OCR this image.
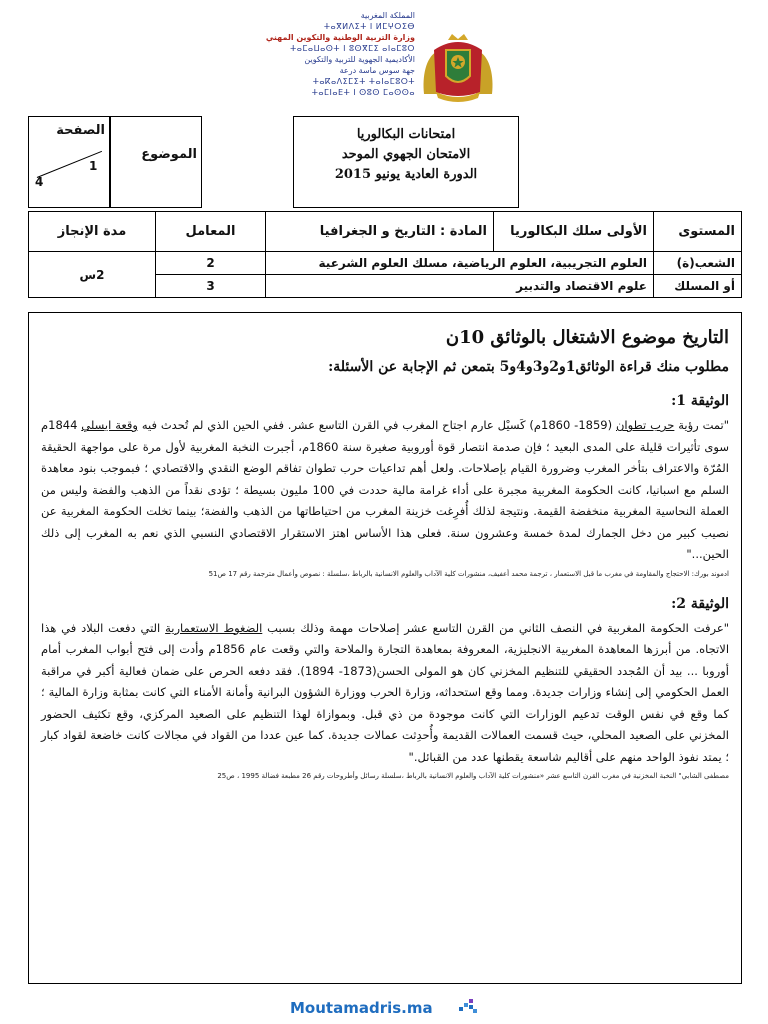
المملكة المغربية
ⵜⴰⴳⵍⴷⵉⵜ ⵏ ⵍⵎⵖⵔⵉⴱ
وزارة التربية الوطنية والتكوين المهني
ⵜⴰⵎⴰⵡⴰⵙⵜ ⵏ ⵓⵙⴳⵎⵉ ⴰⵏⴰⵎⵓⵔ
الأكاديمية الجهوية للتربية والتكوين
جهة سوس ماسة درعة
ⵜⴰⴽⴰⴷⵉⵎⵉⵜ ⵜⴰⵏⴰⵎⵓⵔⵜ
ⵜⴰⵎⵏⴰⴹⵜ ⵏ ⵙⵓⵙ ⵎⴰⵙⵙⴰ
الموضوع
الصفحة
1
4
امتحانات البكالوريا
الامتحان الجهوي الموحد
الدورة العادية يونيو 2015
المستوى	الأولى سلك البكالوريا	المادة : التاريخ و الجغرافيا	المعامل	مدة الإنجاز
الشعب(ة)	العلوم التجريبية، العلوم الرياضية، مسلك العلوم الشرعية		2	2س
أو المسلك	علوم الاقتصاد والتدبير		3	
التاريخ موضوع الاشتغال بالوثائق 10ن
مطلوب منك قراءة الوثائق1و2و3و4و5 بتمعن ثم الإجابة عن الأسئلة:
الوثيقة 1:

"تمت رؤية حرب تطوان (1859- 1860م) كَسيْل عارم اجتاح المغرب في القرن التاسع عشر. ففي الحين الذي لم تُحدث فيه وقعة ايسلي 1844م سوى تأثيرات قليلة على المدى البعيد ؛ فإن صدمة انتصار قوة أوروبية صغيرة سنة 1860م، أجبرت النخبة المغربية لأول مرة على مواجهة الحقيقة المُرّة والاعتراف بتأخر المغرب وضرورة القيام بإصلاحات. ولعل أهم تداعيات حرب تطوان تفاقم الوضع النقدي والاقتصادي ؛ فبموجب بنود معاهدة السلم مع اسبانيا، كانت الحكومة المغربية مجبرة على أداء غرامة مالية حددت في 100 مليون بسيطة ؛ تؤدى نقداً من الذهب والفضة وليس من العملة النحاسية المغربية منخفضة القيمة. ونتيجة لذلك أُفرِغت خزينة المغرب من احتياطاتها من الذهب والفضة؛ بينما تخلت الحكومة المغربية عن نصيب كبير من دخل الجمارك لمدة خمسة وعشرون سنة. فعلى هذا الأساس اهتز الاستقرار الاقتصادي النسبي الذي نعم به المغرب إلى ذلك الحين..."

ادموند بورك: الاحتجاج والمقاومة في مغرب ما قبل الاستعمار ، ترجمة محمد أعفيف، منشورات كلية الآداب والعلوم الانسانية بالرباط ،سلسلة : نصوص وأعمال مترجمة رقم 17 ص51
الوثيقة 2:

"عرفت الحكومة المغربية في النصف الثاني من القرن التاسع عشر إصلاحات مهمة وذلك بسبب الضغوط الاستعمارية التي دفعت البلاد في هذا الاتجاه. من أبرزها المعاهدة المغربية الانجليزية، المعروفة بمعاهدة التجارة والملاحة والتي وقعت عام 1856م وأدت إلى فتح أبواب المغرب أمام أوروبا ... بيد أن المُجدد الحقيقي للتنظيم المخزني كان هو المولى الحسن(1873- 1894). فقد دفعه الحرص على ضمان فعالية أكبر في مراقبة العمل الحكومي إلى إنشاء وزارات جديدة. ومما وقع استحداثه، وزارة الحرب ووزارة الشؤون البرانية وأمانة الأمناء التي كانت بمثابة وزارة المالية ؛ كما وقع في نفس الوقت تدعيم الوزارات التي كانت موجودة من ذي قبل. وبموازاة لهذا التنظيم على الصعيد المركزي، وقع تكثيف الحضور المخزني على الصعيد المحلي، حيث قسمت العمالات القديمة وأُحدِثت عمالات جديدة. كما عين عددا من القواد في مجالات كانت خاضعة لقواد كبار ؛ يمتد نفوذ الواحد منهم على أقاليم شاسعة يقطنها عدد من القبائل."

مصطفى الشابي" النخبة المخزنية في مغرب القرن التاسع عشر «منشورات كلية الآداب والعلوم الانسانية بالرباط ،سلسلة رسائل وأطروحات رقم 26 مطبعة فضالة 1995 ، ص25
Moutamadris.ma
